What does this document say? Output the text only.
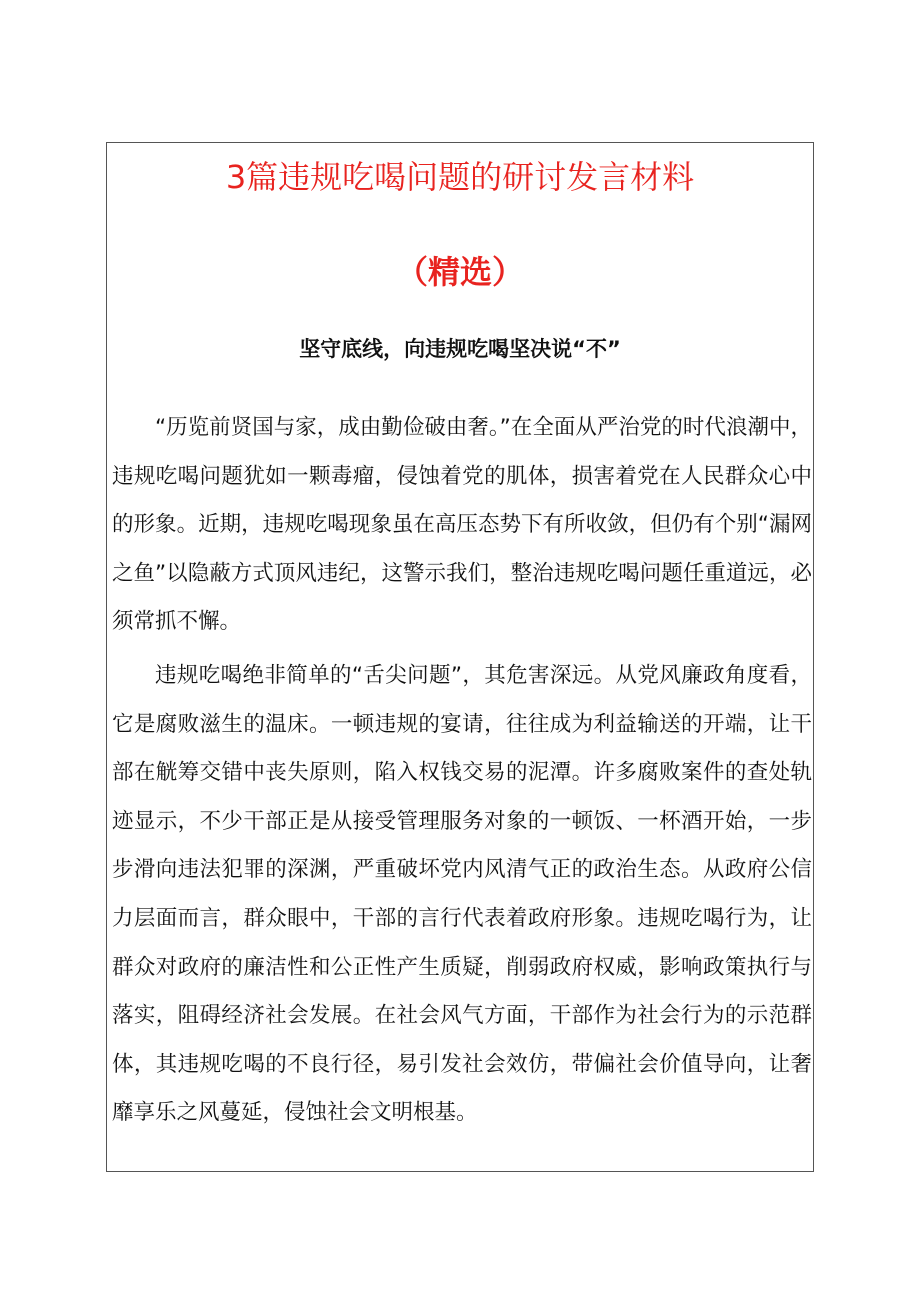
3篇违规吃喝问题的研讨发言材料
（精选）
坚守底线，向违规吃喝坚决说“不”

“历览前贤国与家，成由勤俭破由奢。”在全面从严治党的时代浪潮中，违规吃喝问题犹如一颗毒瘤，侵蚀着党的肌体，损害着党在人民群众心中的形象。近期，违规吃喝现象虽在高压态势下有所收敛，但仍有个别“漏网之鱼”以隐蔽方式顶风违纪，这警示我们，整治违规吃喝问题任重道远，必须常抓不懈。

违规吃喝绝非简单的“舌尖问题”，其危害深远。从党风廉政角度看，它是腐败滋生的温床。一顿违规的宴请，往往成为利益输送的开端，让干部在觥筹交错中丧失原则，陷入权钱交易的泥潭。许多腐败案件的查处轨迹显示，不少干部正是从接受管理服务对象的一顿饭、一杯酒开始，一步步滑向违法犯罪的深渊，严重破坏党内风清气正的政治生态。从政府公信力层面而言，群众眼中，干部的言行代表着政府形象。违规吃喝行为，让群众对政府的廉洁性和公正性产生质疑，削弱政府权威，影响政策执行与落实，阻碍经济社会发展。在社会风气方面，干部作为社会行为的示范群体，其违规吃喝的不良行径，易引发社会效仿，带偏社会价值导向，让奢靡享乐之风蔓延，侵蚀社会文明根基。
